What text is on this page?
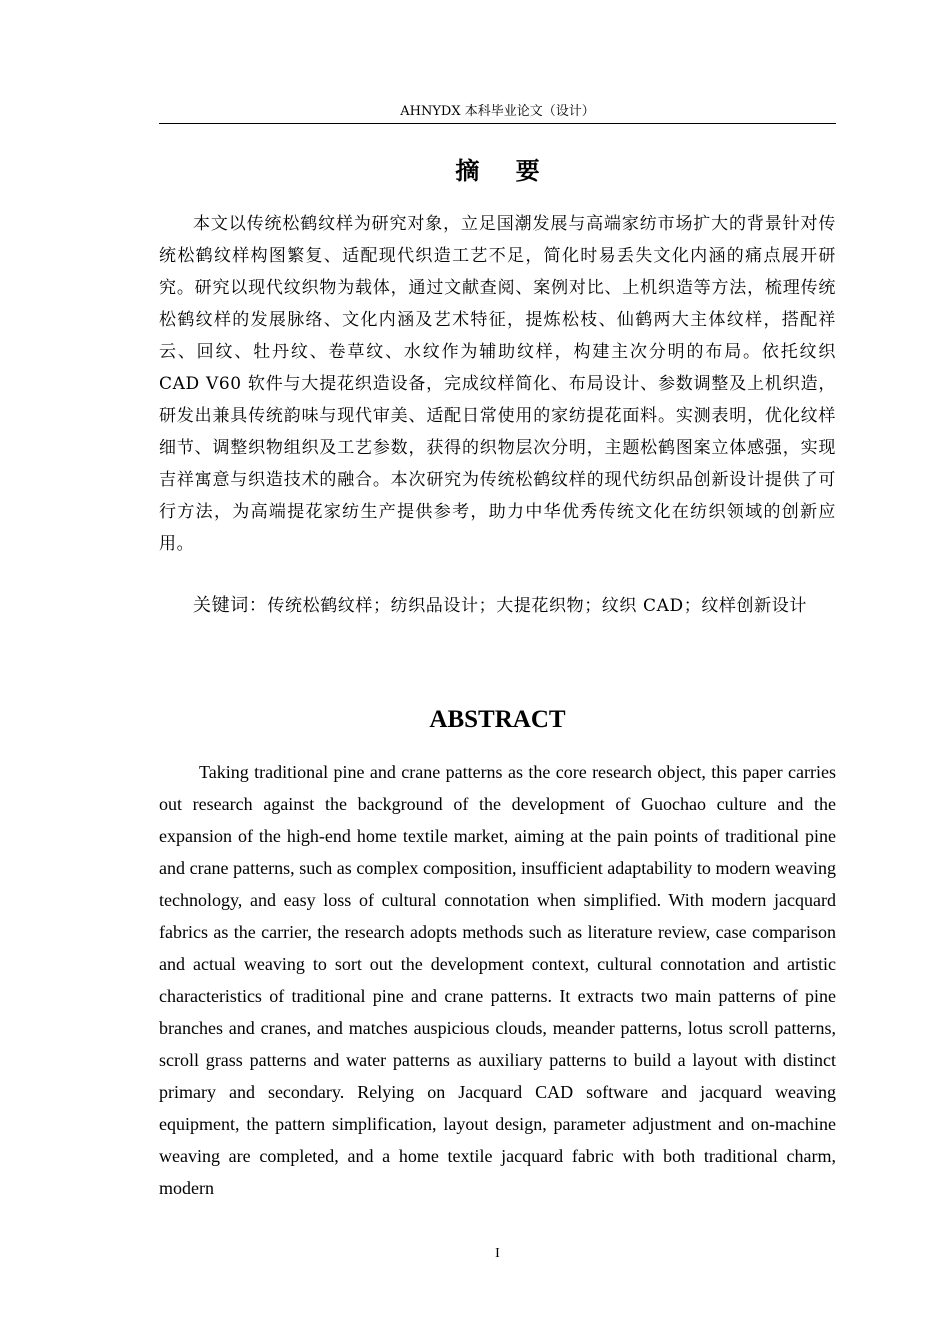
AHNYDX 本科毕业论文（设计）
摘 要

本文以传统松鹤纹样为研究对象，立足国潮发展与高端家纺市场扩大的背景针对传统松鹤纹样构图繁复、适配现代织造工艺不足，简化时易丢失文化内涵的痛点展开研究。研究以现代纹织物为载体，通过文献查阅、案例对比、上机织造等方法，梳理传统松鹤纹样的发展脉络、文化内涵及艺术特征，提炼松枝、仙鹤两大主体纹样，搭配祥云、回纹、牡丹纹、卷草纹、水纹作为辅助纹样，构建主次分明的布局。依托纹织 CAD V60 软件与大提花织造设备，完成纹样简化、布局设计、参数调整及上机织造，研发出兼具传统韵味与现代审美、适配日常使用的家纺提花面料。实测表明，优化纹样细节、调整织物组织及工艺参数，获得的织物层次分明，主题松鹤图案立体感强，实现吉祥寓意与织造技术的融合。本次研究为传统松鹤纹样的现代纺织品创新设计提供了可行方法，为高端提花家纺生产提供参考，助力中华优秀传统文化在纺织领域的创新应用。

关键词：传统松鹤纹样；纺织品设计；大提花织物；纹织 CAD；纹样创新设计

ABSTRACT

Taking traditional pine and crane patterns as the core research object, this paper carries out research against the background of the development of Guochao culture and the expansion of the high-end home textile market, aiming at the pain points of traditional pine and crane patterns, such as complex composition, insufficient adaptability to modern weaving technology, and easy loss of cultural connotation when simplified. With modern jacquard fabrics as the carrier, the research adopts methods such as literature review, case comparison and actual weaving to sort out the development context, cultural connotation and artistic characteristics of traditional pine and crane patterns. It extracts two main patterns of pine branches and cranes, and matches auspicious clouds, meander patterns, lotus scroll patterns, scroll grass patterns and water patterns as auxiliary patterns to build a layout with distinct primary and secondary. Relying on Jacquard CAD software and jacquard weaving equipment, the pattern simplification, layout design, parameter adjustment and on-machine weaving are completed, and a home textile jacquard fabric with both traditional charm, modern

I
